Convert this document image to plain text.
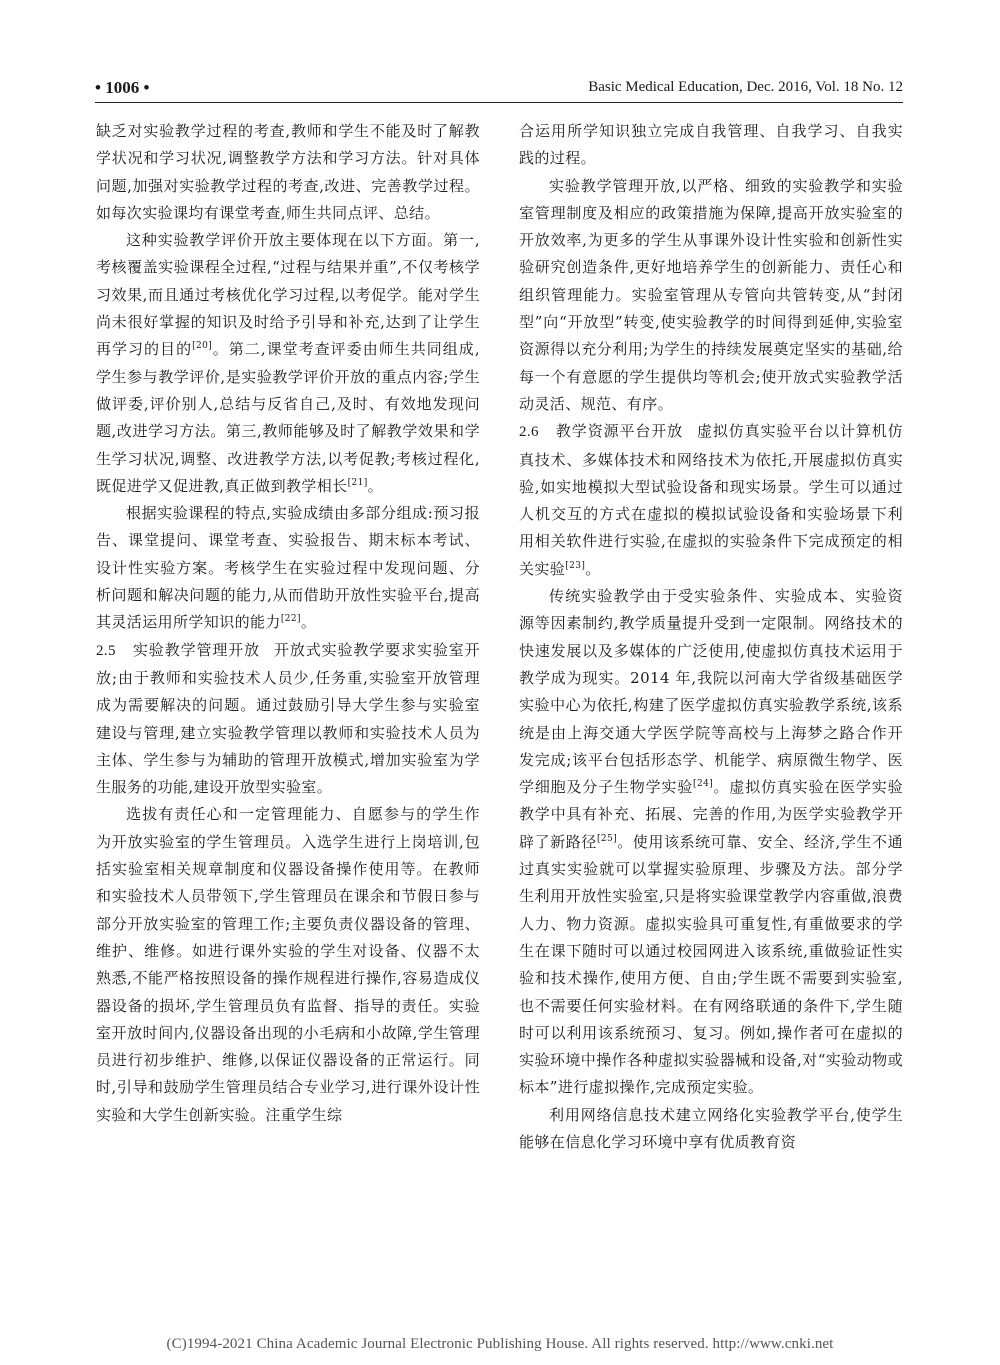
• 1006 •	Basic Medical Education, Dec. 2016, Vol. 18 No. 12

缺乏对实验教学过程的考查,教师和学生不能及时了解教学状况和学习状况,调整教学方法和学习方法。针对具体问题,加强对实验教学过程的考查,改进、完善教学过程。如每次实验课均有课堂考查,师生共同点评、总结。

这种实验教学评价开放主要体现在以下方面。第一,考核覆盖实验课程全过程,“过程与结果并重”,不仅考核学习效果,而且通过考核优化学习过程,以考促学。能对学生尚未很好掌握的知识及时给予引导和补充,达到了让学生再学习的目的[20]。第二,课堂考查评委由师生共同组成,学生参与教学评价,是实验教学评价开放的重点内容;学生做评委,评价别人,总结与反省自己,及时、有效地发现问题,改进学习方法。第三,教师能够及时了解教学效果和学生学习状况,调整、改进教学方法,以考促教;考核过程化,既促进学又促进教,真正做到教学相长[21]。

根据实验课程的特点,实验成绩由多部分组成:预习报告、课堂提问、课堂考查、实验报告、期末标本考试、设计性实验方案。考核学生在实验过程中发现问题、分析问题和解决问题的能力,从而借助开放性实验平台,提高其灵活运用所学知识的能力[22]。

2.5 实验教学管理开放 开放式实验教学要求实验室开放;由于教师和实验技术人员少,任务重,实验室开放管理成为需要解决的问题。通过鼓励引导大学生参与实验室建设与管理,建立实验教学管理以教师和实验技术人员为主体、学生参与为辅助的管理开放模式,增加实验室为学生服务的功能,建设开放型实验室。

选拔有责任心和一定管理能力、自愿参与的学生作为开放实验室的学生管理员。入选学生进行上岗培训,包括实验室相关规章制度和仪器设备操作使用等。在教师和实验技术人员带领下,学生管理员在课余和节假日参与部分开放实验室的管理工作;主要负责仪器设备的管理、维护、维修。如进行课外实验的学生对设备、仪器不太熟悉,不能严格按照设备的操作规程进行操作,容易造成仪器设备的损坏,学生管理员负有监督、指导的责任。实验室开放时间内,仪器设备出现的小毛病和小故障,学生管理员进行初步维护、维修,以保证仪器设备的正常运行。同时,引导和鼓励学生管理员结合专业学习,进行课外设计性实验和大学生创新实验。注重学生综

合运用所学知识独立完成自我管理、自我学习、自我实践的过程。

实验教学管理开放,以严格、细致的实验教学和实验室管理制度及相应的政策措施为保障,提高开放实验室的开放效率,为更多的学生从事课外设计性实验和创新性实验研究创造条件,更好地培养学生的创新能力、责任心和组织管理能力。实验室管理从专管向共管转变,从“封闭型”向“开放型”转变,使实验教学的时间得到延伸,实验室资源得以充分利用;为学生的持续发展奠定坚实的基础,给每一个有意愿的学生提供均等机会;使开放式实验教学活动灵活、规范、有序。

2.6 教学资源平台开放 虚拟仿真实验平台以计算机仿真技术、多媒体技术和网络技术为依托,开展虚拟仿真实验,如实地模拟大型试验设备和现实场景。学生可以通过人机交互的方式在虚拟的模拟试验设备和实验场景下利用相关软件进行实验,在虚拟的实验条件下完成预定的相关实验[23]。

传统实验教学由于受实验条件、实验成本、实验资源等因素制约,教学质量提升受到一定限制。网络技术的快速发展以及多媒体的广泛使用,使虚拟仿真技术运用于教学成为现实。2014 年,我院以河南大学省级基础医学实验中心为依托,构建了医学虚拟仿真实验教学系统,该系统是由上海交通大学医学院等高校与上海梦之路合作开发完成;该平台包括形态学、机能学、病原微生物学、医学细胞及分子生物学实验[24]。虚拟仿真实验在医学实验教学中具有补充、拓展、完善的作用,为医学实验教学开辟了新路径[25]。使用该系统可靠、安全、经济,学生不通过真实实验就可以掌握实验原理、步骤及方法。部分学生利用开放性实验室,只是将实验课堂教学内容重做,浪费人力、物力资源。虚拟实验具可重复性,有重做要求的学生在课下随时可以通过校园网进入该系统,重做验证性实验和技术操作,使用方便、自由;学生既不需要到实验室,也不需要任何实验材料。在有网络联通的条件下,学生随时可以利用该系统预习、复习。例如,操作者可在虚拟的实验环境中操作各种虚拟实验器械和设备,对“实验动物或标本”进行虚拟操作,完成预定实验。

利用网络信息技术建立网络化实验教学平台,使学生能够在信息化学习环境中享有优质教育资

(C)1994-2021 China Academic Journal Electronic Publishing House. All rights reserved. http://www.cnki.net
